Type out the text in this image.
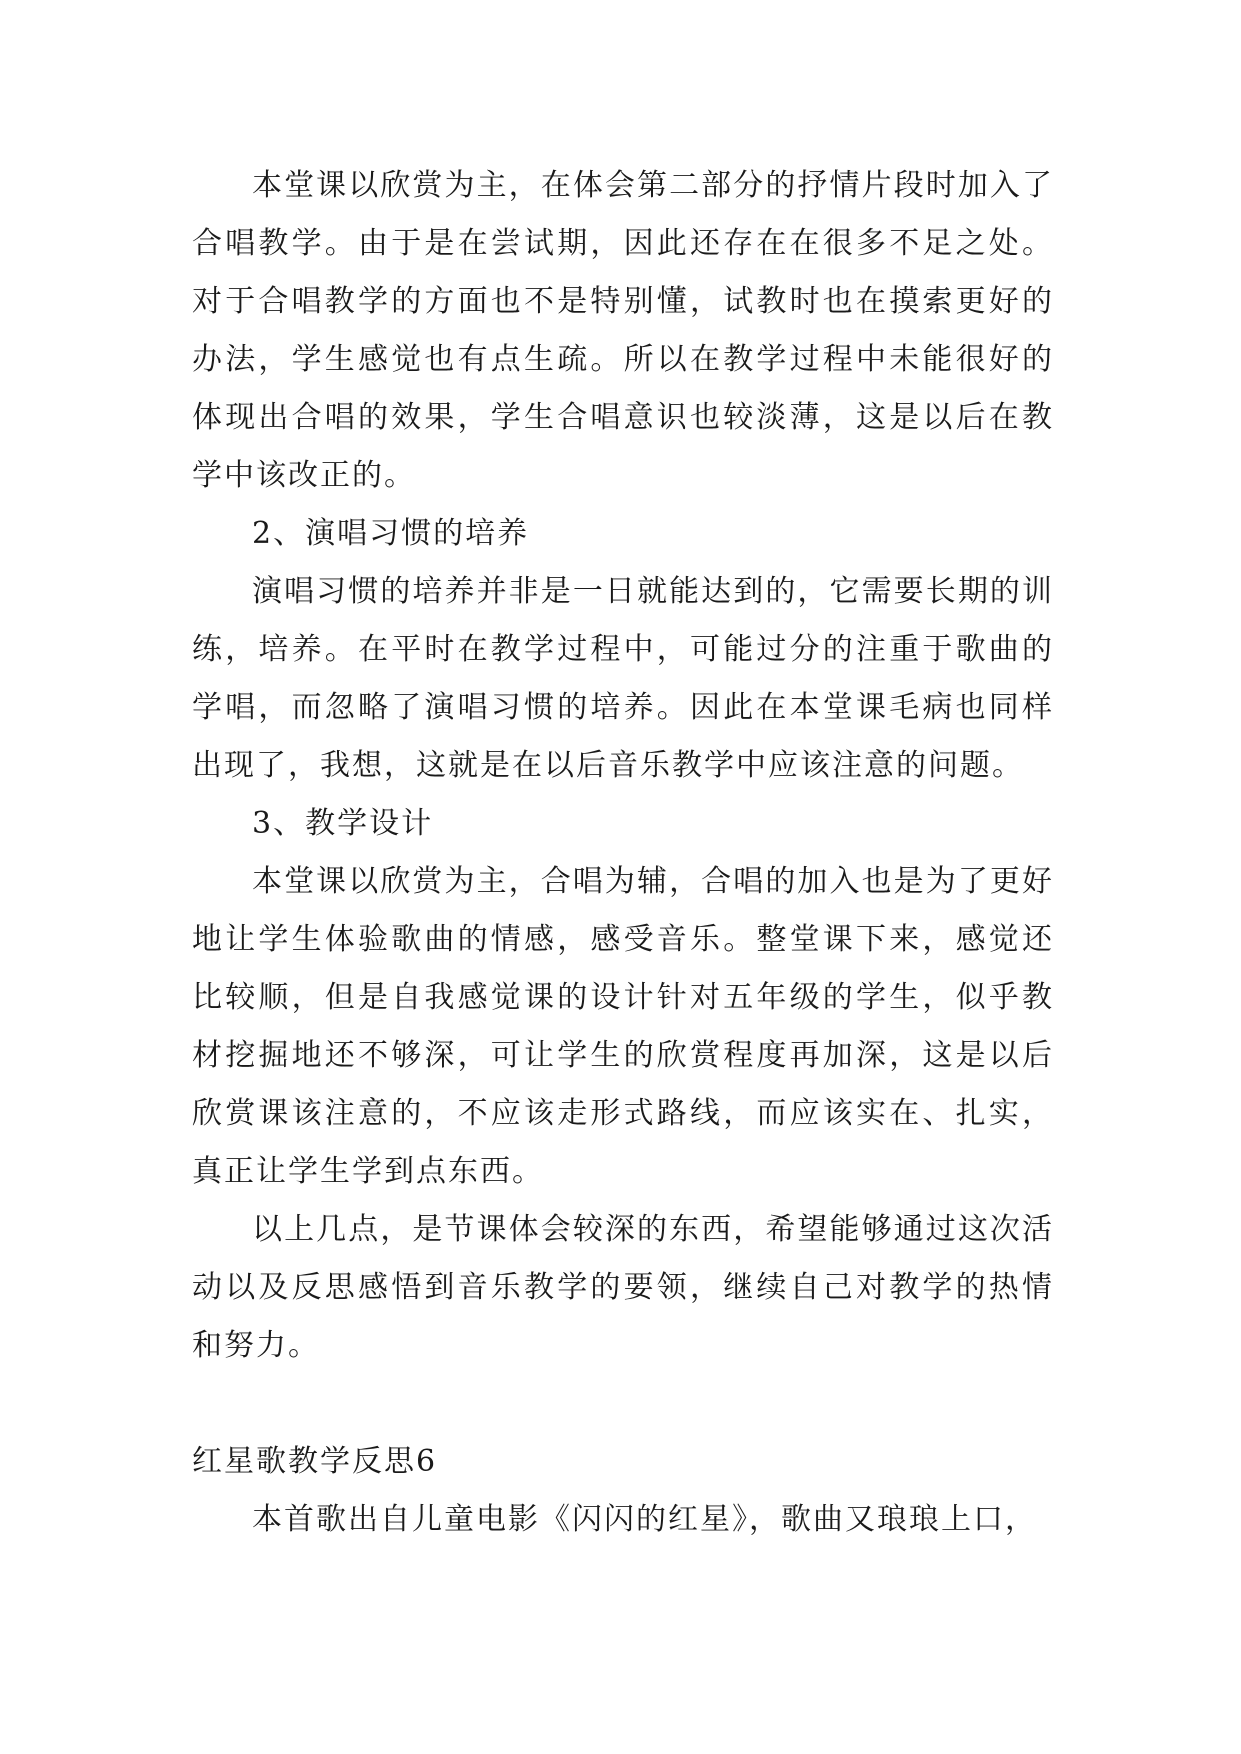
本堂课以欣赏为主，在体会第二部分的抒情片段时加入了合唱教学。由于是在尝试期，因此还存在在很多不足之处。对于合唱教学的方面也不是特别懂，试教时也在摸索更好的办法，学生感觉也有点生疏。所以在教学过程中未能很好的体现出合唱的效果，学生合唱意识也较淡薄，这是以后在教学中该改正的。

2、演唱习惯的培养

演唱习惯的培养并非是一日就能达到的，它需要长期的训练，培养。在平时在教学过程中，可能过分的注重于歌曲的学唱，而忽略了演唱习惯的培养。因此在本堂课毛病也同样出现了，我想，这就是在以后音乐教学中应该注意的问题。

3、教学设计

本堂课以欣赏为主，合唱为辅，合唱的加入也是为了更好地让学生体验歌曲的情感，感受音乐。整堂课下来，感觉还比较顺，但是自我感觉课的设计针对五年级的学生，似乎教材挖掘地还不够深，可让学生的欣赏程度再加深，这是以后欣赏课该注意的，不应该走形式路线，而应该实在、扎实，真正让学生学到点东西。

以上几点，是节课体会较深的东西，希望能够通过这次活动以及反思感悟到音乐教学的要领，继续自己对教学的热情和努力。

红星歌教学反思6

本首歌出自儿童电影《闪闪的红星》，歌曲又琅琅上口，
